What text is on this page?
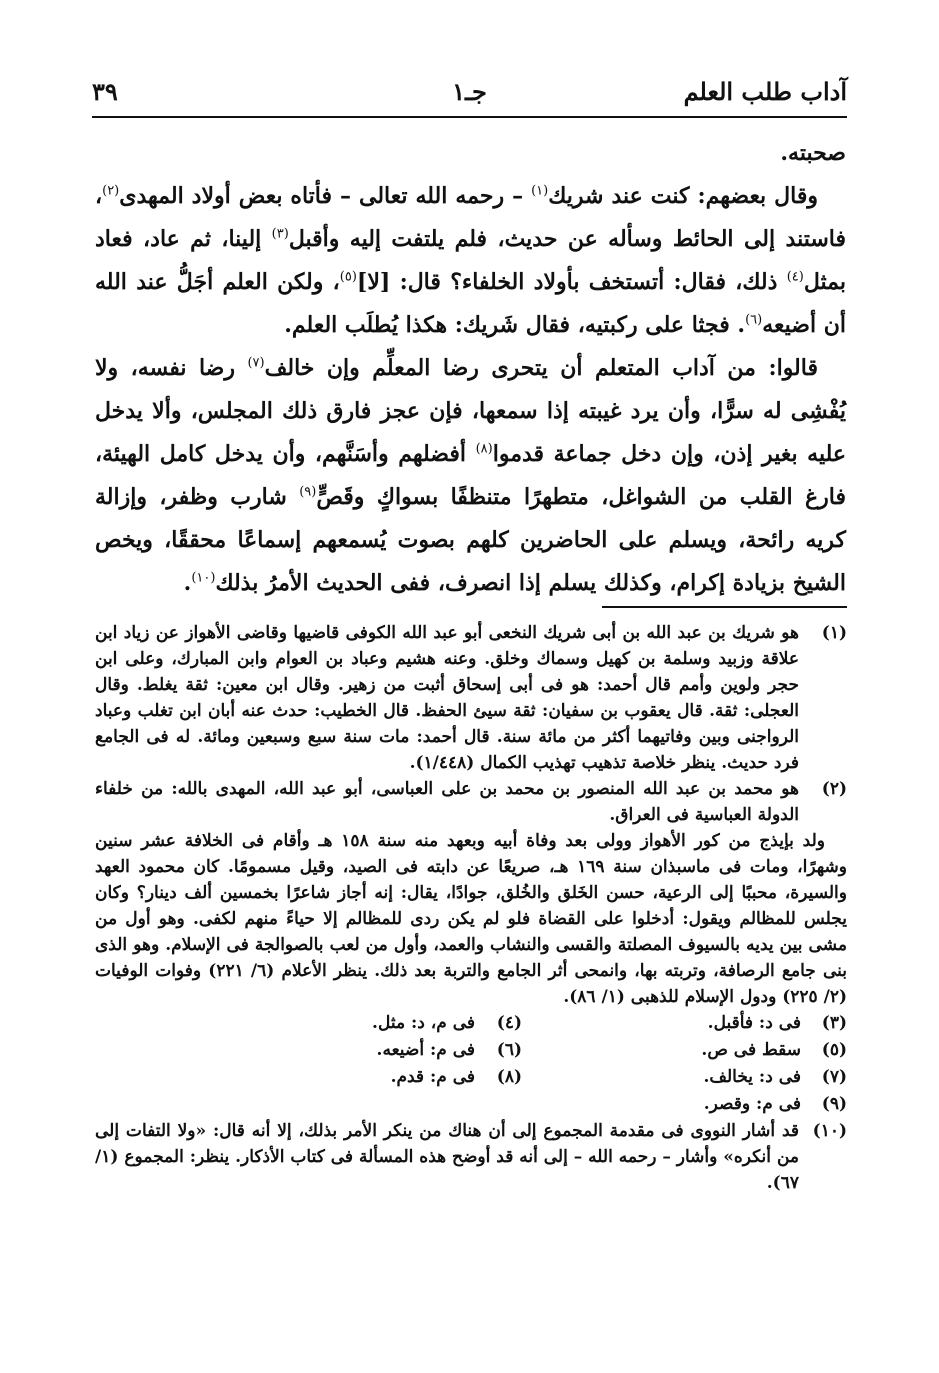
آداب طلب العلم
جـ١
٣٩

صحبته.

وقال بعضهم: كنت عند شريك$^{(١)}$ – رحمه الله تعالى – فأتاه بعض أولاد المهدى$^{(٢)}$، فاستند إلى الحائط وسأله عن حديث، فلم يلتفت إليه وأقبل$^{(٣)}$ إلينا، ثم عاد، فعاد بمثل$^{(٤)}$ ذلك، فقال: أتستخف بأولاد الخلفاء؟ قال: [لا]$^{(٥)}$، ولكن العلم أجَلُّ عند الله أن أضيعه$^{(٦)}$. فجثا على ركبتيه، فقال شَريك: هكذا يُطلَب العلم.

قالوا: من آداب المتعلم أن يتحرى رضا المعلِّم وإن خالف$^{(٧)}$ رضا نفسه، ولا يُفْشِى له سرًّا، وأن يرد غيبته إذا سمعها، فإن عجز فارق ذلك المجلس، وألا يدخل عليه بغير إذن، وإن دخل جماعة قدموا$^{(٨)}$ أفضلهم وأسَنَّهم، وأن يدخل كامل الهيئة، فارغ القلب من الشواغل، متطهرًا متنظفًا بسواكٍ وقَصٍّ$^{(٩)}$ شارب وظفر، وإزالة كريه رائحة، ويسلم على الحاضرين كلهم بصوت يُسمعهم إسماعًا محققًا، ويخص الشيخ بزيادة إكرام، وكذلك يسلم إذا انصرف، ففى الحديث الأمرُ بذلك$^{(١٠)}$.

(١)
هو شريك بن عبد الله بن أبى شريك النخعى أبو عبد الله الكوفى قاضيها وقاضى الأهواز عن زياد ابن علاقة وزبيد وسلمة بن كهيل وسماك وخلق. وعنه هشيم وعباد بن العوام وابن المبارك، وعلى ابن حجر ولوين وأمم قال أحمد: هو فى أبى إسحاق أثبت من زهير. وقال ابن معين: ثقة يغلط. وقال العجلى: ثقة. قال يعقوب بن سفيان: ثقة سيئ الحفظ. قال الخطيب: حدث عنه أبان ابن تغلب وعباد الرواجنى وبين وفاتيهما أكثر من مائة سنة. قال أحمد: مات سنة سبع وسبعين ومائة. له فى الجامع فرد حديث. ينظر خلاصة تذهيب تهذيب الكمال (١/٤٤٨).
(٢)
هو محمد بن عبد الله المنصور بن محمد بن على العباسى، أبو عبد الله، المهدى بالله: من خلفاء الدولة العباسية فى العراق.

ولد بإيذج من كور الأهواز وولى بعد وفاة أبيه وبعهد منه سنة ١٥٨ هـ وأقام فى الخلافة عشر سنين وشهرًا، ومات فى ماسبذان سنة ١٦٩ هـ، صريعًا عن دابته فى الصيد، وقيل مسمومًا. كان محمود العهد والسيرة، محببًا إلى الرعية، حسن الخَلق والخُلق، جوادًا، يقال: إنه أجاز شاعرًا بخمسين ألف دينار؟ وكان يجلس للمظالم ويقول: أدخلوا على القضاة فلو لم يكن ردى للمظالم إلا حياءً منهم لكفى. وهو أول من مشى بين يديه بالسيوف المصلتة والقسى والنشاب والعمد، وأول من لعب بالصوالجة فى الإسلام. وهو الذى بنى جامع الرصافة، وتربته بها، وانمحى أثر الجامع والتربة بعد ذلك. ينظر الأعلام (٦/ ٢٢١) وفوات الوفيات (٢/ ٢٢٥) ودول الإسلام للذهبى (١/ ٨٦).

(٣)
فى د: فأقبل.
(٤)
فى م، د: مثل.
(٥)
سقط فى ص.
(٦)
فى م: أضيعه.
(٧)
فى د: يخالف.
(٨)
فى م: قدم.
(٩)
فى م: وقصر.
(١٠)
قد أشار النووى فى مقدمة المجموع إلى أن هناك من ينكر الأمر بذلك، إلا أنه قال: «ولا التفات إلى من أنكره» وأشار – رحمه الله – إلى أنه قد أوضح هذه المسألة فى كتاب الأذكار. ينظر: المجموع (١/ ٦٧).
